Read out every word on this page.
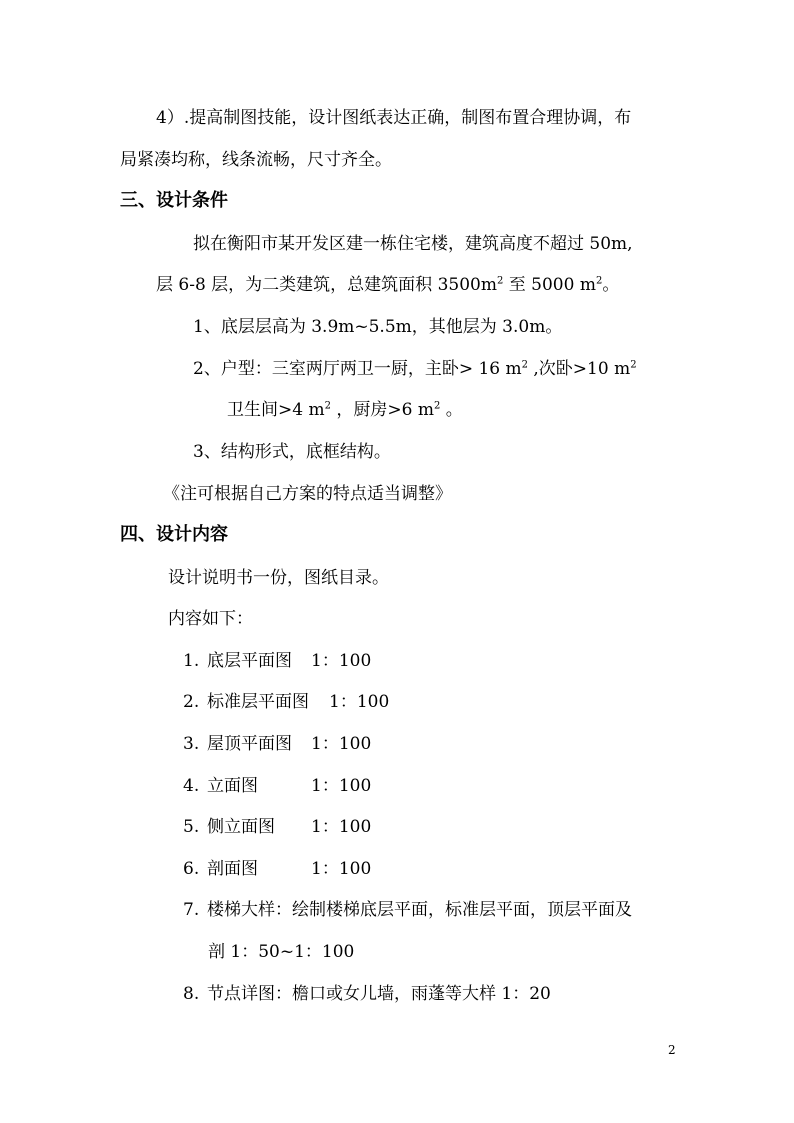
4）.提高制图技能，设计图纸表达正确，制图布置合理协调，布
局紧凑均称，线条流畅，尺寸齐全。
三、设计条件
拟在衡阳市某开发区建一栋住宅楼，建筑高度不超过 50m,
层 6-8 层，为二类建筑，总建筑面积 $3500m^2$ 至 5000 $m^2$。
1、底层层高为 3.9m~5.5m，其他层为 3.0m。
2、户型：三室两厅两卫一厨，主卧> 16 $m^2$ ,次卧>10 $m^2$
卫生间>4 $m^2$ ，厨房>6 $m^2$ 。
3、结构形式，底框结构。
《注可根据自己方案的特点适当调整》
四、设计内容
设计说明书一份，图纸目录。
内容如下：
1. 底层平面图 1：100
2. 标准层平面图 1：100
3. 屋顶平面图 1：100
4. 立面图	1：100
5. 侧立面图 1：100
6. 剖面图	1：100
7. 楼梯大样：绘制楼梯底层平面，标准层平面，顶层平面及
剖 1：50~1：100
8. 节点详图：檐口或女儿墙，雨蓬等大样 1：20
2
